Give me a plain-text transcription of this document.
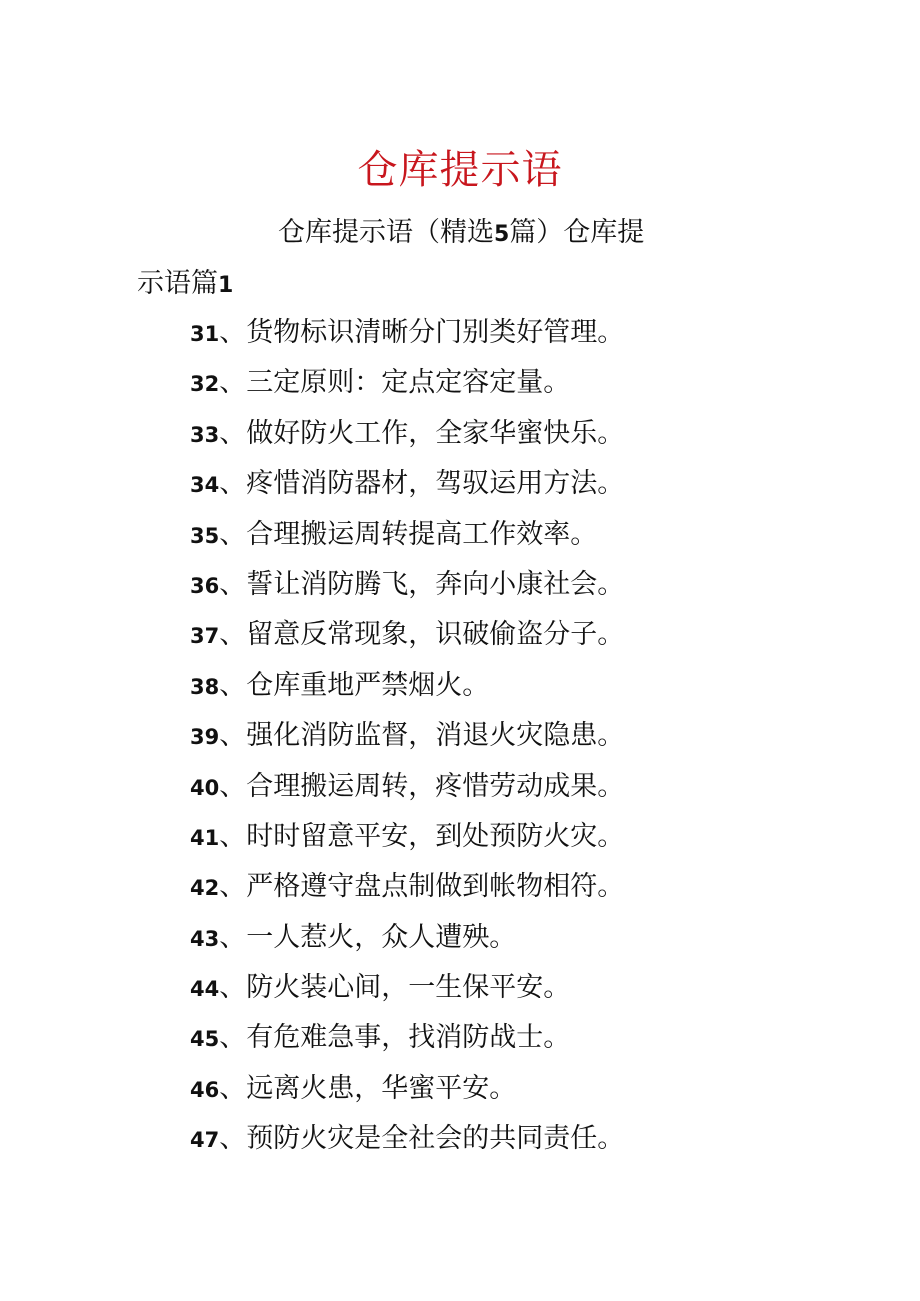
仓库提示语
仓库提示语（精选5篇）仓库提
示语篇1
31、货物标识清晰分门别类好管理。
32、三定原则：定点定容定量。
33、做好防火工作，全家华蜜快乐。
34、疼惜消防器材，驾驭运用方法。
35、合理搬运周转提高工作效率。
36、誓让消防腾飞，奔向小康社会。
37、留意反常现象，识破偷盗分子。
38、仓库重地严禁烟火。
39、强化消防监督，消退火灾隐患。
40、合理搬运周转，疼惜劳动成果。
41、时时留意平安，到处预防火灾。
42、严格遵守盘点制做到帐物相符。
43、一人惹火，众人遭殃。
44、防火装心间，一生保平安。
45、有危难急事，找消防战士。
46、远离火患，华蜜平安。
47、预防火灾是全社会的共同责任。
